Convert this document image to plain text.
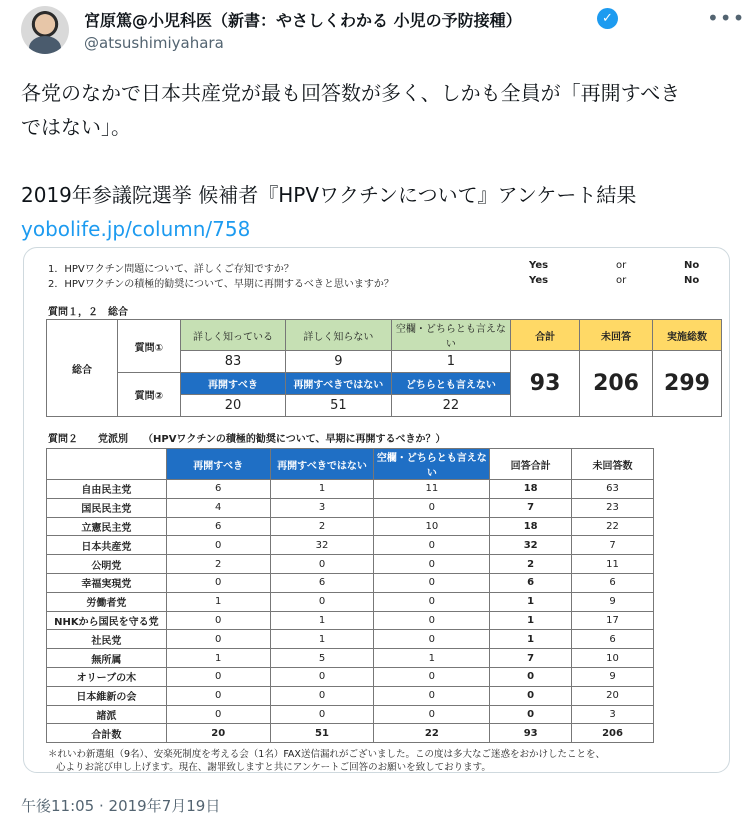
宮原篤@小児科医（新書：やさしくわかる 小児の予防接種）	✓
@atsushimiyahara
•••

各党のなかで日本共産党が最も回答数が多く、しかも全員が「再開すべき
ではない」。

2019年参議院選挙 候補者『HPVワクチンについて』アンケート結果

yobolife.jp/column/758

1．HPVワクチン問題について、詳しくご存知ですか？
2．HPVワクチンの積極的勧奨について、早期に再開するべきと思いますか？
Yes	or	No
Yes	or	No
質問１，２　総合
総合	質問①	詳しく知っている	詳しく知らない	空欄・どちらとも言えない	合計	未回答	実施総数
		83	9	1	93	206	299
	質問②	再開すべき	再開すべきではない	どちらとも言えない			
		20	51	22			
質問２　　党派別　　（HPVワクチンの積極的勧奨について、早期に再開するべきか？）
	再開すべき	再開すべきではない	空欄・どちらとも言えない	回答合計	未回答数
自由民主党	6	1	11	18	63
国民民主党	4	3	0	7	23
立憲民主党	6	2	10	18	22
日本共産党	0	32	0	32	7
公明党	2	0	0	2	11
幸福実現党	0	6	0	6	6
労働者党	1	0	0	1	9
NHKから国民を守る党	0	1	0	1	17
社民党	0	1	0	1	6
無所属	1	5	1	7	10
オリーブの木	0	0	0	0	9
日本維新の会	0	0	0	0	20
諸派	0	0	0	0	3
合計数	20	51	22	93	206
＊れいわ新選組（9名）、安楽死制度を考える会（1名）FAX送信漏れがございました。この度は多大なご迷惑をおかけしたことを、
心よりお詫び申し上げます。現在、謝罪致しますと共にアンケートご回答のお願いを致しております。
午後11:05 · 2019年7月19日
